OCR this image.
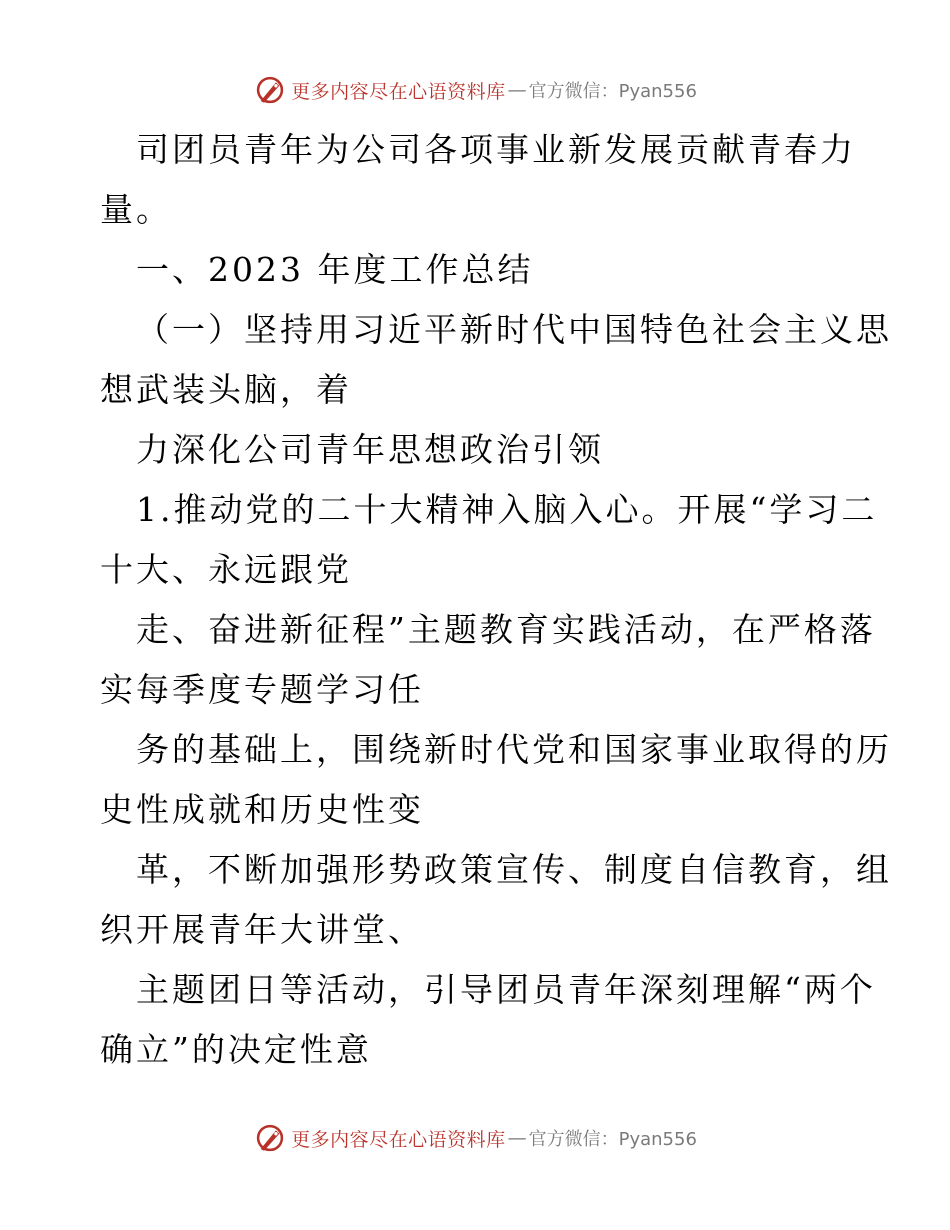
更多内容尽在心语资料库 — 官方微信：Pyan556
司团员青年为公司各项事业新发展贡献青春力
量。
一、2023 年度工作总结
（一）坚持用习近平新时代中国特色社会主义思
想武装头脑，着
力深化公司青年思想政治引领
1.推动党的二十大精神入脑入心。开展“学习二
十大、永远跟党
走、奋进新征程”主题教育实践活动，在严格落
实每季度专题学习任
务的基础上，围绕新时代党和国家事业取得的历
史性成就和历史性变
革，不断加强形势政策宣传、制度自信教育，组
织开展青年大讲堂、
主题团日等活动，引导团员青年深刻理解“两个
确立”的决定性意
更多内容尽在心语资料库 — 官方微信：Pyan556
